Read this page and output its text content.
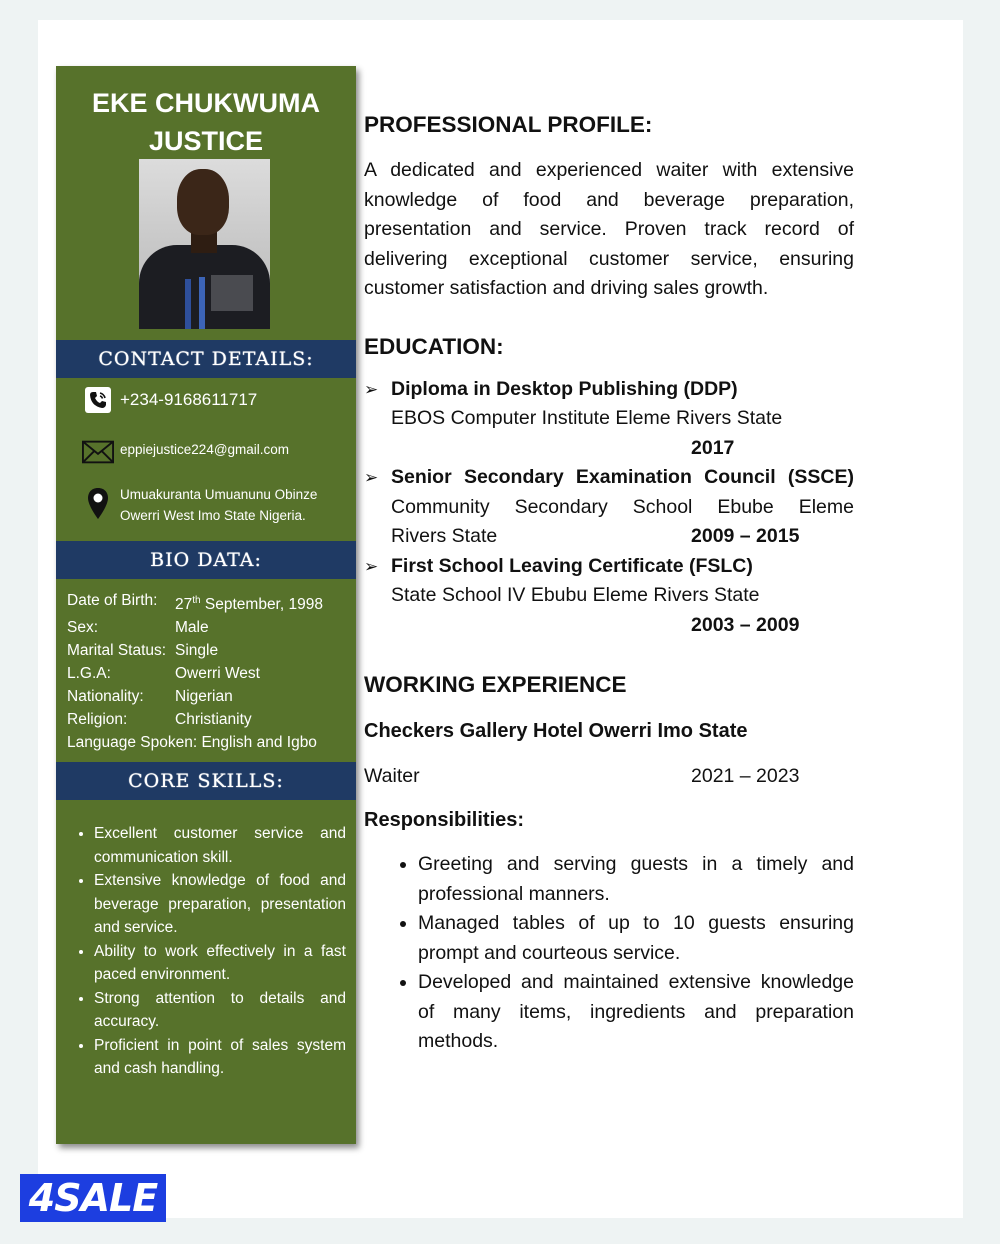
EKE CHUKWUMA
JUSTICE
CONTACT DETAILS:
+234-9168611717
eppiejustice224@gmail.com
Umuakuranta Umuanunu Obinze
Owerri West Imo State Nigeria.
BIO DATA:
Date of Birth:	27th September, 1998
Sex:	Male
Marital Status: Single
L.G.A:	Owerri West
Nationality:	Nigerian
Religion:	Christianity
Language Spoken: English and Igbo
CORE SKILLS:
• Excellent customer service and communication skill.
• Extensive knowledge of food and beverage preparation, presentation and service.
• Ability to work effectively in a fast paced environment.
• Strong attention to details and accuracy.
• Proficient in point of sales system and cash handling.
PROFESSIONAL PROFILE:
A dedicated and experienced waiter with extensive knowledge of food and beverage preparation, presentation and service. Proven track record of delivering exceptional customer service, ensuring customer satisfaction and driving sales growth.
EDUCATION:
➢ Diploma in Desktop Publishing (DDP)
EBOS Computer Institute Eleme Rivers State
2017
➢ Senior Secondary Examination Council (SSCE)
Community Secondary School Ebube Eleme
Rivers State	2009 – 2015
➢ First School Leaving Certificate (FSLC)
State School IV Ebubu Eleme Rivers State
2003 – 2009
WORKING EXPERIENCE
Checkers Gallery Hotel Owerri Imo State
Waiter	2021 – 2023
Responsibilities:
• Greeting and serving guests in a timely and professional manners.
• Managed tables of up to 10 guests ensuring prompt and courteous service.
• Developed and maintained extensive knowledge of many items, ingredients and preparation methods.
4SALE
